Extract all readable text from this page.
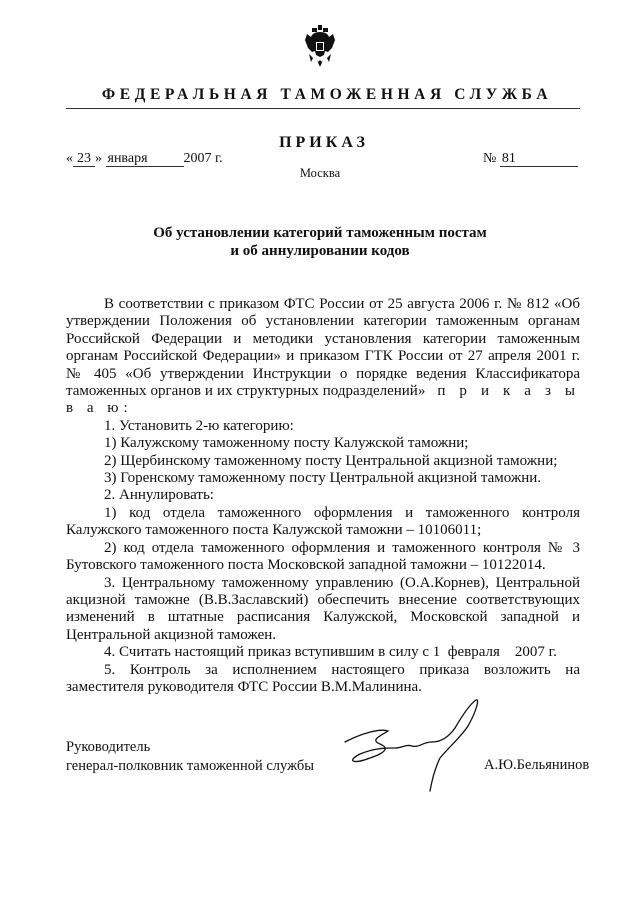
ФЕДЕРАЛЬНАЯ ТАМОЖЕННАЯ СЛУЖБА
ПРИКАЗ
« 23 » января	2007 г.	№ 81
Москва
Об установлении категорий таможенным постам
и об аннулировании кодов

В соответствии с приказом ФТС России от 25 августа 2006 г. № 812 «Об утверждении Положения об установлении категории таможенным органам Российской Федерации и методики установления категории таможенным органам Российской Федерации» и приказом ГТК России от 27 апреля 2001 г. № 405 «Об утверждении Инструкции о порядке ведения Классификатора таможенных органов и их структурных подразделений» п р и к а з ы в а ю:

1. Установить 2-ю категорию:

1) Калужскому таможенному посту Калужской таможни;

2) Щербинскому таможенному посту Центральной акцизной таможни;

3) Горенскому таможенному посту Центральной акцизной таможни.

2. Аннулировать:

1) код отдела таможенного оформления и таможенного контроля Калужского таможенного поста Калужской таможни – 10106011;

2) код отдела таможенного оформления и таможенного контроля № 3 Бутовского таможенного поста Московской западной таможни – 10122014.

3. Центральному таможенному управлению (О.А.Корнев), Центральной акцизной таможне (В.В.Заславский) обеспечить внесение соответствующих изменений в штатные расписания Калужской, Московской западной и Центральной акцизной таможен.

4. Считать настоящий приказ вступившим в силу с 1  февраля    2007 г.

5. Контроль за исполнением настоящего приказа возложить на заместителя руководителя ФТС России В.М.Малинина.

Руководитель
генерал-полковник таможенной службы	А.Ю.Бельянинов
